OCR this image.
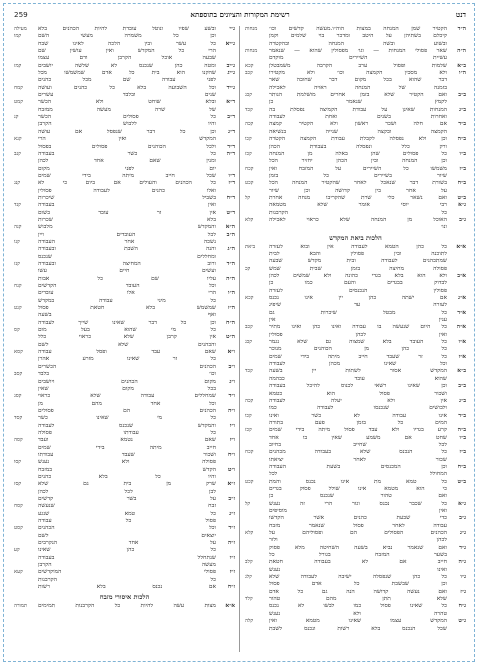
דנט
רשימת המקורות והציונים בתוספתא
259
ה״ד
הקטיר שמן המנחה במצות הוה״ו.מעשה קדשים וכו׳
מנחות
קיכלם בשתיהן על היטב ומדכר בוי שלמים וקמן
ובשוע ובשה המנחה ובהקטרה
ה״ה
שאר פסולי המנחות — וגו׳ מפסולין שהוא — שנאמר
מנחות
עשיית השיירים מוקדם
ב״א
שלמות ופסול ערב הקרבה משמבטלן
קכא
ה״ו
ולא מסכין הקמצה וכו׳ ולא מקטירו
קכב
דבר שהוא בכל מקום דבר שחובה שאר
בזמנה של המנחה ראויה לאכילה
ב״ב
ואם הקטיר שלא בזמן אחרים מושלמת הנותר
קכג
לקמץ שנאמר כן
ב״ג
המנחות שאינן על עבודת הקמיצה נפסלת בה
קכד
ואחרות בשנים ואחת לעבודה
ב״ד
אם חלה ושכר ראשון ולא הקטיר קמצה
קכה
הקמצה ובקצה שנייה בנשיאה
ב״ה
וכן ולא נפסלה לקבלת עבודת הקמצה הקטרה
קכו
ורק כלל ונפסלה בעבודת הכהן
ב״ו
כל פסולים שהן באלה מן המנחה
קכז
וכן המנחה ובין הכהן יחזיר הכל
ב״ז
משמשו כל השיירים על המזבח ואין
קכח
שיור בשיירים כל בזמן
ב״ח
בשורת דבר שנאכל לאחר שהקטיר המנחה הכל
קכט
על אחר בין קדושה וכן שיור
ב״ט
ואם נשאר כלי שרת שהקריבו מנחה אחרת
קל
ג״א
רבי יוסי אומר שלא מטמאה
כל הקרבנות
ג״ב
האוכל מן המנחה שלא כראוי לאכילה
קלא
ונו׳
הלכות ביאת המקדש
א״א
כל כהן הטמא לעבודה אין ובוא לעזרה
ביאת
לתוכנה ובין פסולין והבא לבית
שמתכהנים לעבודה ובית מקדש שבעה
פסולה מחיצה בזמן שבית שמש
קכ
א״ב
ולא הוא בלא בגדי כהונה ולא שמשים לכהן
לבדוק בבגדים והעם כמו כן
פסולין הנכנסים לעזרה
א״ג
אם ישתה כהן יין אינו נכנס
קכא
לעזרה עד שיפיג
א״ד
כל מבטל שיכרות גם
ענין אין
א״ה
כל היום שנעשה בו עבודה ואינו כהן ואינו מתיר
קכב
ואין לכהן פסולין
א״ו
כל העובד בלא שמצוה גם שלא נגמר
קכג
כל כהן מן הכוהנים מנוכר
א״ז
כל זר שעבד חייב מיתה בידי שמים
וכל שאינו מכהן לעבודה
ב״א
המקדש אסור לשתות יין בשעה
קכד
שהוא עובד כבהמה
ב״ב
וכן שאינו רשאי לכנוס להיכל בעבודה
ושכור פסול הוא כטמא
ב״ג
אין ולא יעלה לעבודה
קכה
ולבושים שנכנסו לעבודה כמו
ב״ד
אינו עבודה לא כשר ואינו
קכו
המים כל בזמן פעם בתורה
ב״ה
קרע בגדיו ולא עבד פסול מיתה בידי שמים
קכז
ב״ו
שחט אם משמע שאין בו אחד
לכל שחייב בחיוב
ב״ז
כל הנכנס שלא בעבודה מכהנים
קכח
שכור לאחר יציאתו
ב״ח
וכן המכנסים בשעת העבודה
המחולל לכל
ב״ט
כל טמא מת אינו נכנס והמת
קכט
כי הוא מטמא אינו שולל פסוק בגדים
ואם טהור שנכנס כן
ג״א
כל שכבר נכנס וגזר הרי זה נענש
קל
ואין מוסיפים
ג״ב
כדי שבעת כהנים אשר הקדשו
עבודה לאחר פסול שנאמר מזבח
ג״ג
הכהנים הפסולים הם ופסוליהם על
קלא
לכהן ולזר
ג״ד
ואם שנאמר נביא בשעה השחיטה מלא פסוק
בשער המזבח בגורל כל
ג״ה
חייב אם לא בעבודה חטאת
קלב
ואינו נענש
ג״ו
כל כהן שנפסלה ישיבה לעבודה שלא
קלג
וכן שבשבת כל אדם פסול
ג״ז
ואם נעשה קדושה הנה גם כל אדם
שלא תתן מהם טהור
קלד
ג״ח
כל שאינו פסול כמו לבשו לא נכנס
טהרה ולא נענש
ג״ט
המקדש עצמו שאינו מטמא ואין
קלה
שכל הנכנס בלא רשות ונכנס לשבת
ג״י
ובשע שפיו ונוטל עובדת להיות הכהנים בלא
מעילה
וכן כל משמרה מעשי השם
קמו
ג״יא
כל עשר ובין הלכה לאינו שבח
הרי כל המקדש ואין עושין שם
שבעה אוכל הקרבן ודם עצמו
ג״יב
ומטה כהן שנכנס לא שלשה יושבים
קמז
ג״יג
שהקנו הוא בית כל אדם שמשמשו מכל
לפני עבודה שם מכל כהנים
ג״יד
וכל השבועה בלא כל כהנים ועושה
קמח
שנים ובלבד עשרים
ד״א
ובלא שוחט ולא הכשר
קמט
של שרה מעשה ממזבח
ד״ב
כל פסולים הכשר
קנ
והיו ללבוש הקרבן
ד״ג
וכן כל דבר שנפסל אם עושה
המקדש ואין הרי
קנא
ד״ד
ולכל הכוהנים פסולים בפסול
ד״ה
כל כשר בעבודה
קנב
ומנין שאם אחד לכהן
יום לפני מקום
ד״ו
שכל חייב מיתה בידי שמים
ד״ז
כל הכהנים והעולים אם ביום כי לא
קנג
ואלו כהנים לעבודה פסולין
ד״ח
בשביל שיכרות
ואין בעבודה
קנד
ד״ט
אין זר עובד בשום
בלא שכרות
ה״א
והמקדש מלבוש
קנה
ה״ב
לכל העובדים ויין
נשכה אחר העבודה
קנו
ה״ג
והנה השבת ובעבודה
ומחללים שנכנס
ה״ד
ורוב המחיצה ובעבודה
קנז
ועשים חיים עשו
ה״ה
עליו שם כל אבות
וכל העובד הקדשים
קנח
ה״ו
הרי אלו עובדים
כל מיני עבודה במקדש
ה״ז
שמשמש בלא חטאת פסול
קנט
ואף בשעה
ה״ח
וכן כל דבר שאינו שייך לעבודה
כל מי שהוא בעל מום
קס
ה״ט
אין קרבן שלא כראוי כלל
והכהנים שלא לשם
ו״א
שאם עבד ופסל עבודה
קסא
כל זר שאינו מזרע אהרן
ו״ב
הכהנים הכשרים
וכו׳ בלבד
קסב
ו״ג
מקום הכהנים ויושבים
בכל מקום שאין
ו״ד
שמחללים עבודה שלא כראוי
קסג
וכל אחד מהם מן
ו״ה
הכהנים הם פסולים
כל מי שאינו כשר
קסד
ו״ו
והמקדש שנכנס לעבודה
כל עבודתו פסולה
ו״ז
שאם נטמא ועבד
קסה
חייב מיתה בידי שמים
ו״ח
ושכור שעבד עבודתו
פסולה ולא נענש
קסו
ו״ט
הקדש במזבח
והיו כל בלא כהנים
ז״א
שרק מן בית גם שלא
קסז
לבן לכל לכהן
ז״ב
על בשר קדשים
זבח שנעשה
קסח
ז״ג
כל טמא שנגע
פסול כל עבודה
ז״ד
וכל הכהנים
קסט
יוצאים לשם
ז״ה
על אחד הנקרבים
כל כהן שאינו
קע
ז״ו
שנתחלל בעבודה
מעשה הקרבן
ז״ז
פסולי המוקדשים
קעא
כל הקרבנות
ז״ח
אם נכנס בלא רשות
הלכות איסורי מזבח
א״א
מצות עשה להיות כל הקרבנות תמימים
תמורה
